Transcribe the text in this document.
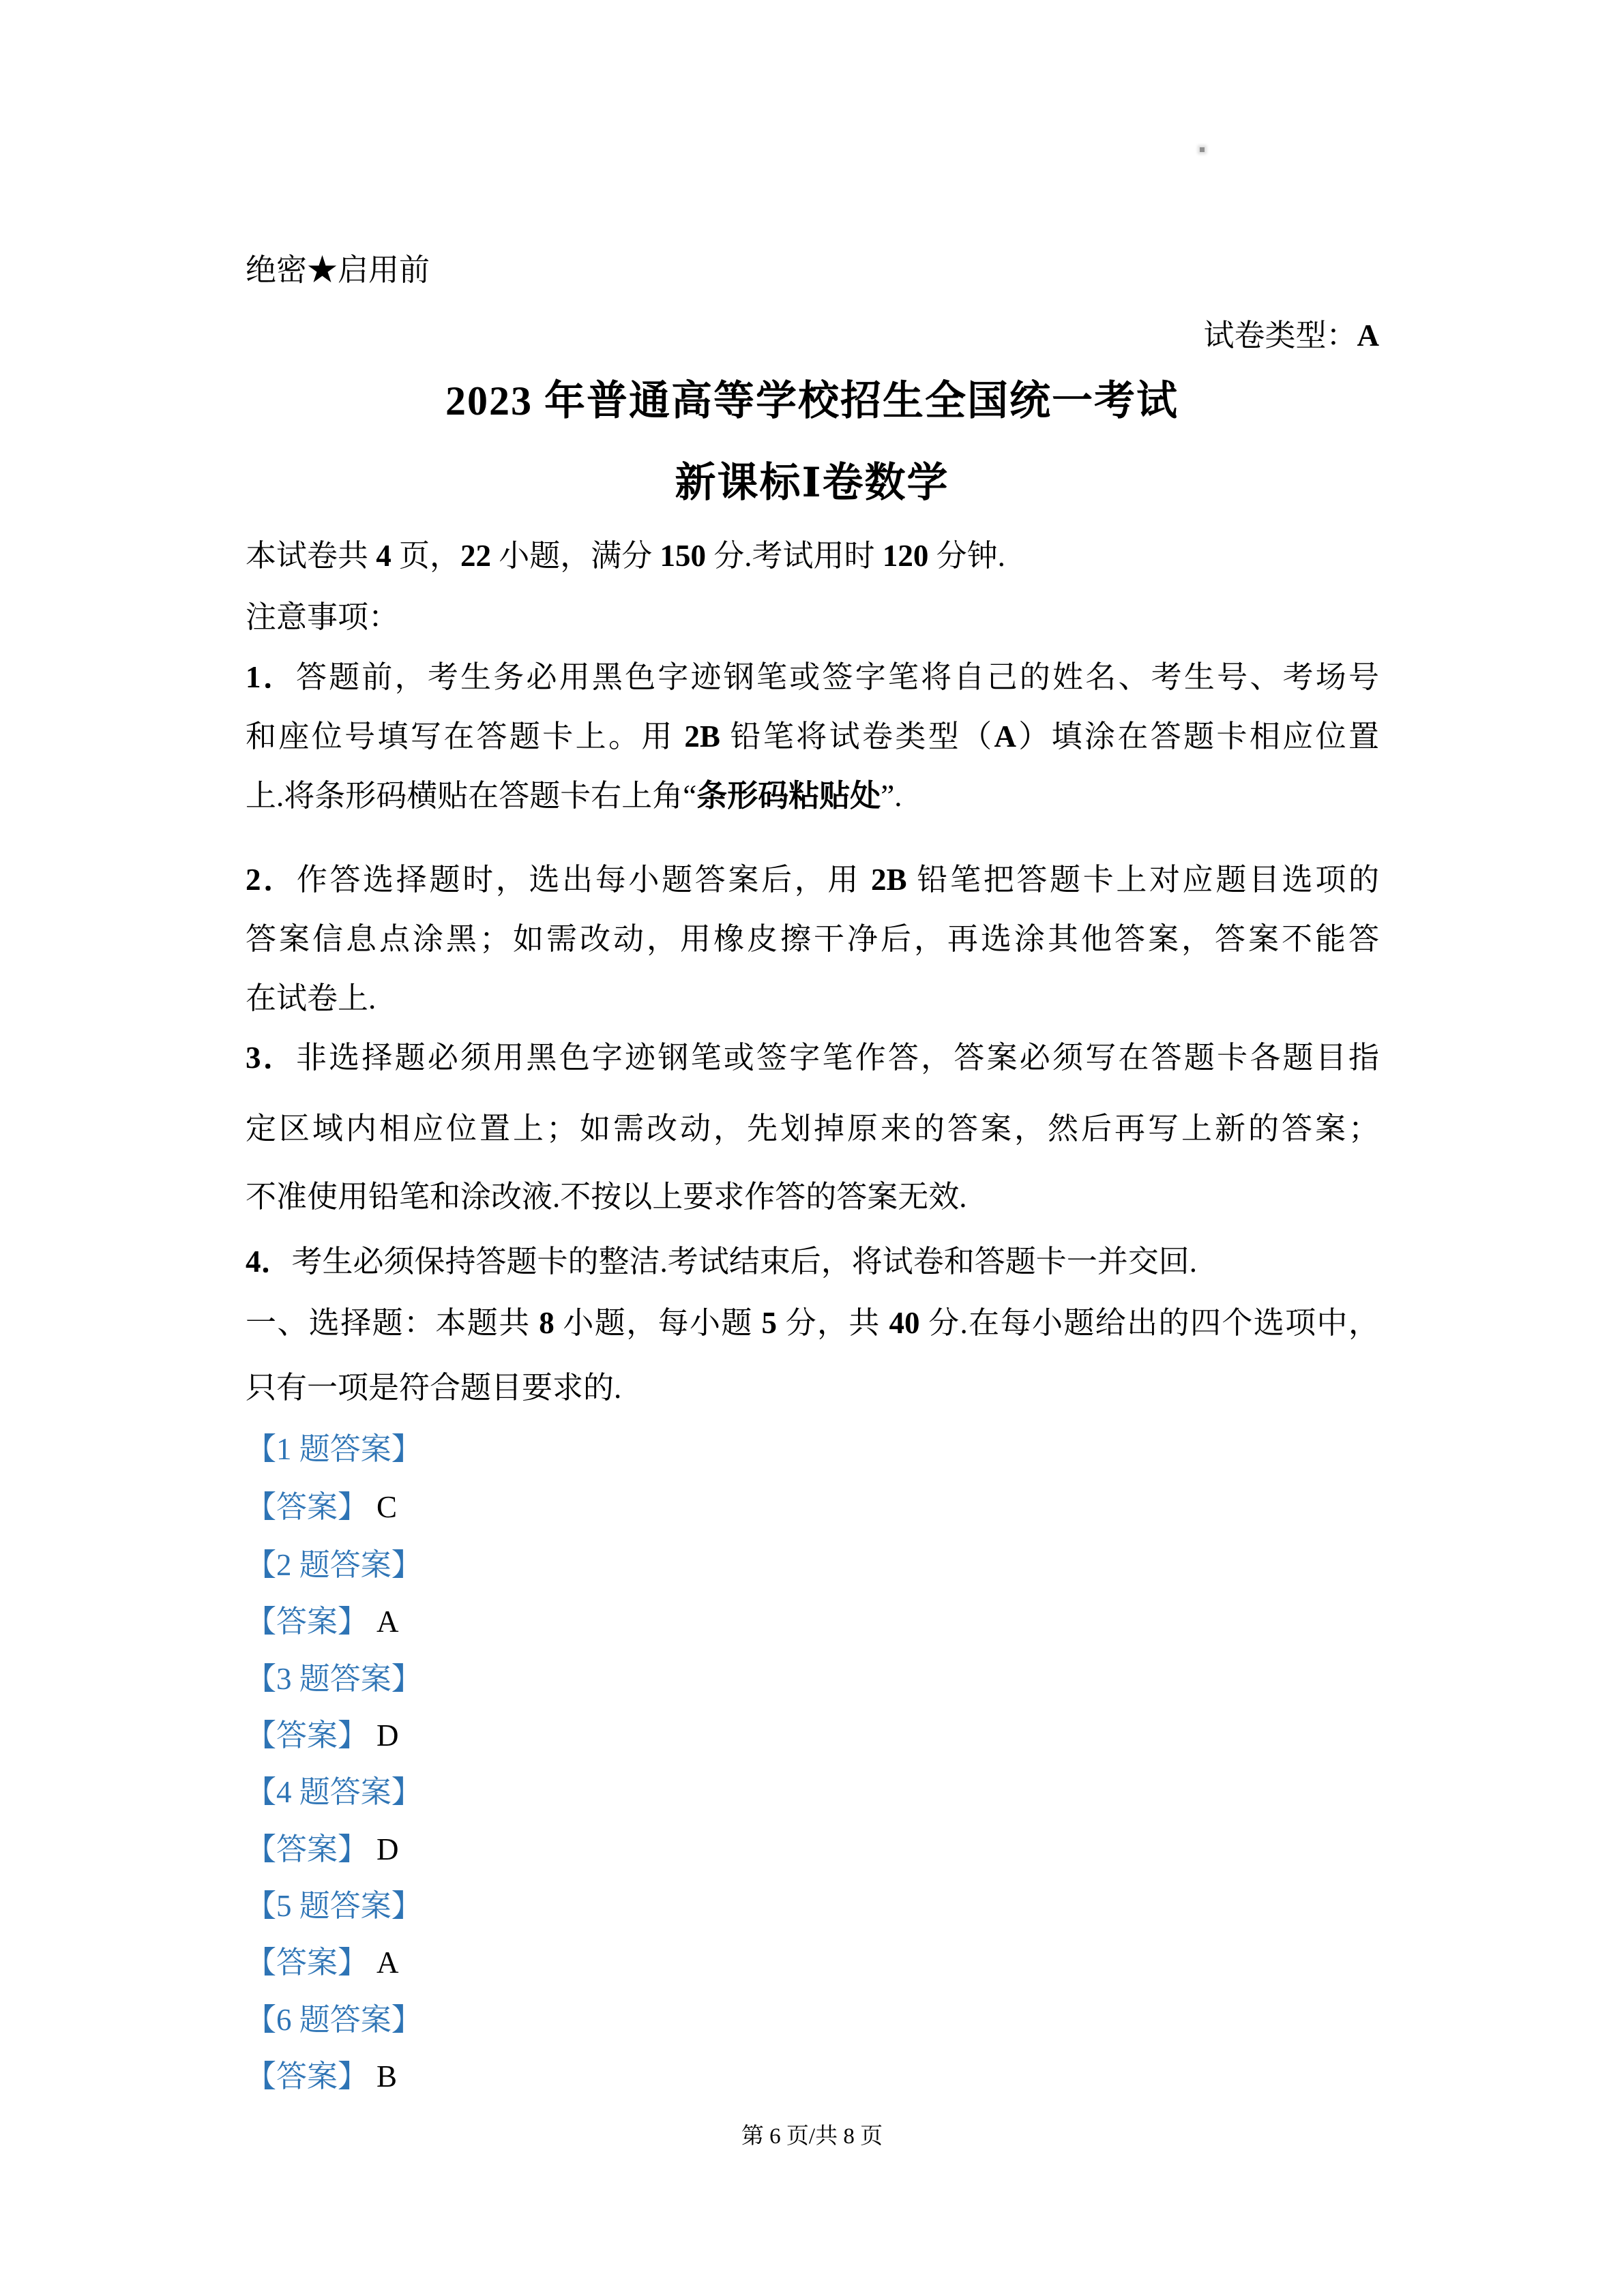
绝密★启用前
试卷类型：A
2023 年普通高等学校招生全国统一考试
新课标Ⅰ卷数学
本试卷共 4 页，22 小题，满分 150 分.考试用时 120 分钟.
注意事项：
1．答题前，考生务必用黑色字迹钢笔或签字笔将自己的姓名、考生号、考场号
和座位号填写在答题卡上。用 2B 铅笔将试卷类型（A）填涂在答题卡相应位置
上.将条形码横贴在答题卡右上角“条形码粘贴处”.
2．作答选择题时，选出每小题答案后，用 2B 铅笔把答题卡上对应题目选项的
答案信息点涂黑；如需改动，用橡皮擦干净后，再选涂其他答案，答案不能答
在试卷上.
3．非选择题必须用黑色字迹钢笔或签字笔作答，答案必须写在答题卡各题目指
定区域内相应位置上；如需改动，先划掉原来的答案，然后再写上新的答案；
不准使用铅笔和涂改液.不按以上要求作答的答案无效.
4．考生必须保持答题卡的整洁.考试结束后，将试卷和答题卡一并交回.
一、选择题：本题共 8 小题，每小题 5 分，共 40 分.在每小题给出的四个选项中，
只有一项是符合题目要求的.
【1 题答案】
【答案】 C
【2 题答案】
【答案】 A
【3 题答案】
【答案】 D
【4 题答案】
【答案】 D
【5 题答案】
【答案】 A
【6 题答案】
【答案】 B
第 6 页/共 8 页
